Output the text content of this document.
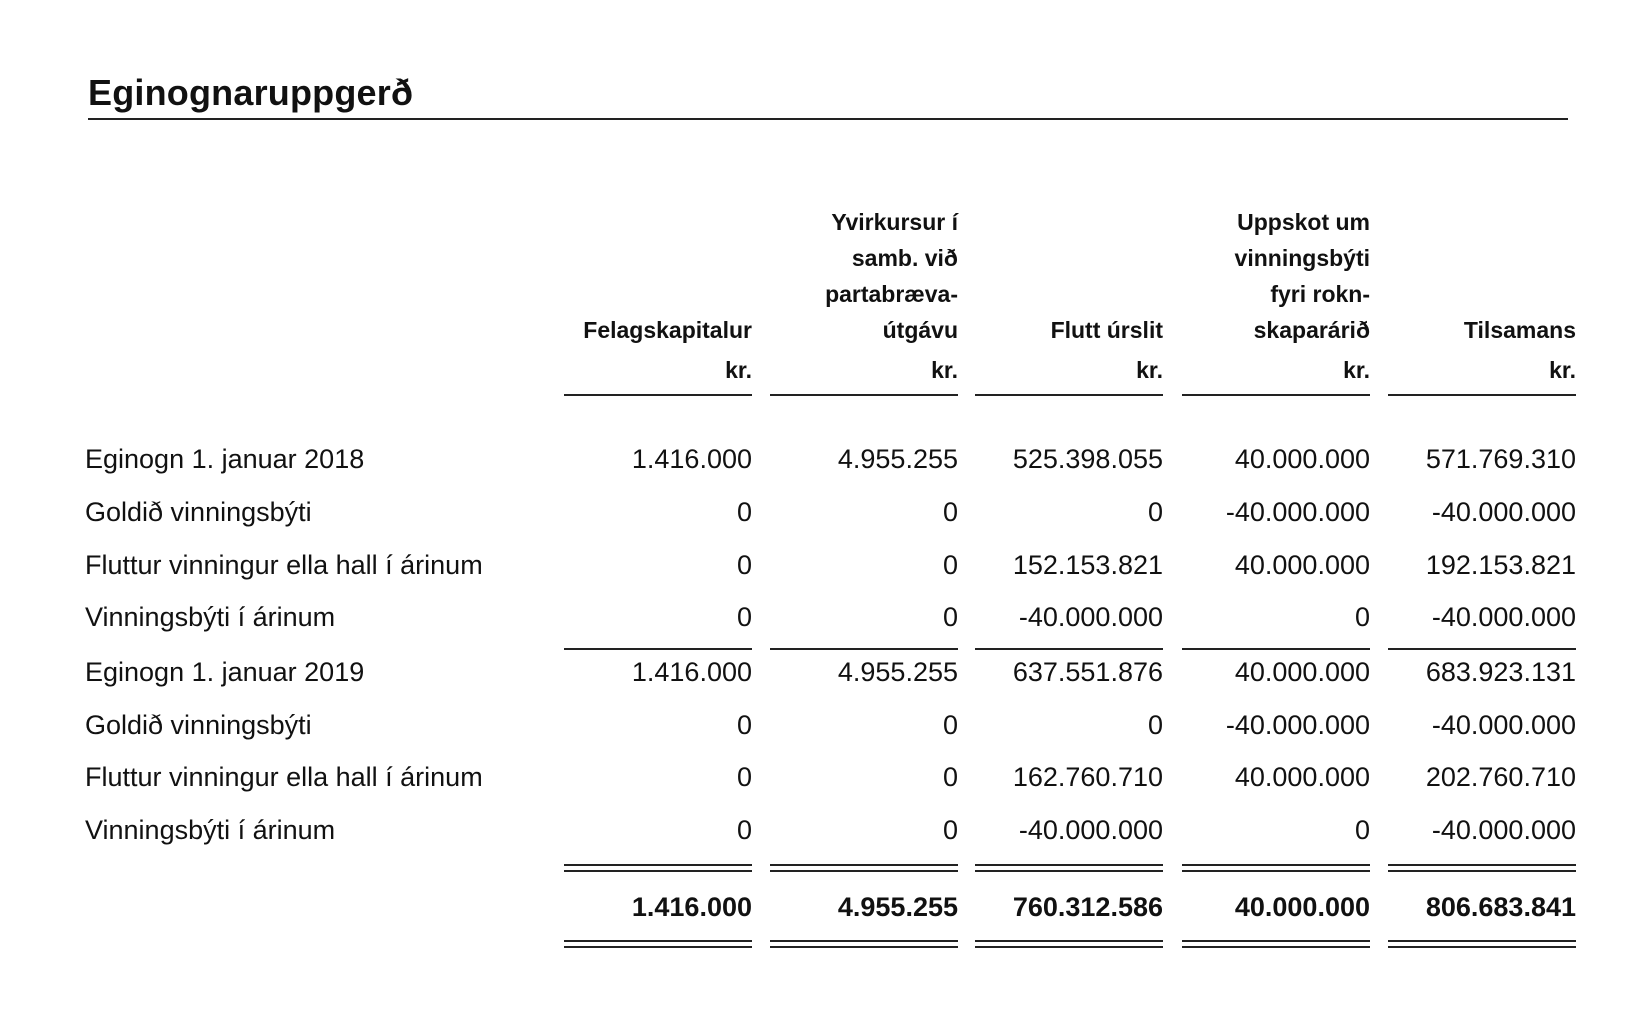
Eginognaruppgerð
Felagskapitalur
kr.
Yvirkursur í
samb. við
partabræva-
útgávu
kr.
Flutt úrslit
kr.
Uppskot um
vinningsbýti
fyri rokn-
skaparárið
kr.
Tilsamans
kr.
Eginogn 1. januar 2018	1.416.000	4.955.255	525.398.055	40.000.000	571.769.310
Goldið vinningsbýti	0	0	0	-40.000.000	-40.000.000
Fluttur vinningur ella hall í árinum	0	0	152.153.821	40.000.000	192.153.821
Vinningsbýti í árinum	0	0	-40.000.000	0	-40.000.000
Eginogn 1. januar 2019	1.416.000	4.955.255	637.551.876	40.000.000	683.923.131
Goldið vinningsbýti	0	0	0	-40.000.000	-40.000.000
Fluttur vinningur ella hall í árinum	0	0	162.760.710	40.000.000	202.760.710
Vinningsbýti í árinum	0	0	-40.000.000	0	-40.000.000
1.416.000	4.955.255	760.312.586	40.000.000	806.683.841
